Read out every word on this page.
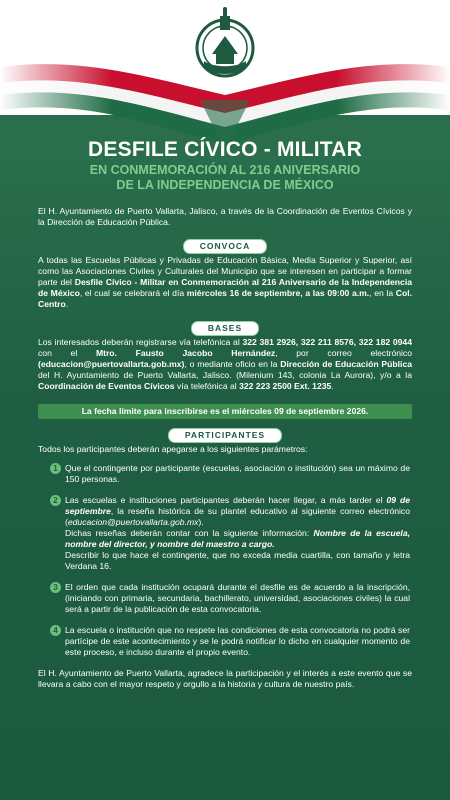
DESFILE CÍVICO - MILITAR
EN CONMEMORACIÓN AL 216 ANIVERSARIO
DE LA INDEPENDENCIA DE MÉXICO

El H. Ayuntamiento de Puerto Vallarta, Jalisco, a través de la Coordinación de Eventos Cívicos y la Dirección de Educación Pública.

CONVOCA

A todas las Escuelas Públicas y Privadas de Educación Básica, Media Superior y Superior, así como las Asociaciones Civiles y Culturales del Municipio que se interesen en participar a formar parte del Desfile Cívico - Militar en Conmemoración al 216 Aniversario de la Independencia de México, el cual se celebrará el día miércoles 16 de septiembre, a las 09:00 a.m., en la Col. Centro.

BASES

Los interesados deberán registrarse vía telefónica al 322 381 2926, 322 211 8576, 322 182 0944 con el Mtro. Fausto Jacobo Hernández, por correo electrónico (educacion@puertovallarta.gob.mx), o mediante oficio en la Dirección de Educación Pública del H. Ayuntamiento de Puerto Vallarta, Jalisco. (Milenium 143, colonia La Aurora), y/o a la Coordinación de Eventos Cívicos vía telefónica al 322 223 2500 Ext. 1235.

La fecha límite para inscribirse es el miércoles 09 de septiembre 2026.
PARTICIPANTES

Todos los participantes deberán apegarse a los siguientes parámetros:

1 Que el contingente por participante (escuelas, asociación o institución) sea un máximo de 150 personas.
2 Las escuelas e instituciones participantes deberán hacer llegar, a más tarder el 09 de septiembre, la reseña histórica de su plantel educativo al siguiente correo electrónico (educacion@puertovallarta.gob.mx).
Dichas reseñas deberán contar con la siguiente información: Nombre de la escuela, nombre del director, y nombre del maestro a cargo.
Describir lo que hace el contingente, que no exceda media cuartilla, con tamaño y letra Verdana 16.
3 El orden que cada institución ocupará durante el desfile es de acuerdo a la inscripción, (iniciando con primaria, secundaria, bachillerato, universidad, asociaciones civiles) la cual será a partir de la publicación de esta convocatoria.
4 La escuela o institución que no respete las condiciones de esta convocatoria no podrá ser partícipe de este acontecimiento y se le podrá notificar lo dicho en cualquier momento de este proceso, e incluso durante el propio evento.

El H. Ayuntamiento de Puerto Vallarta, agradece la participación y el interés a este evento que se llevara a cabo con el mayor respeto y orgullo a la historia y cultura de nuestro país.
